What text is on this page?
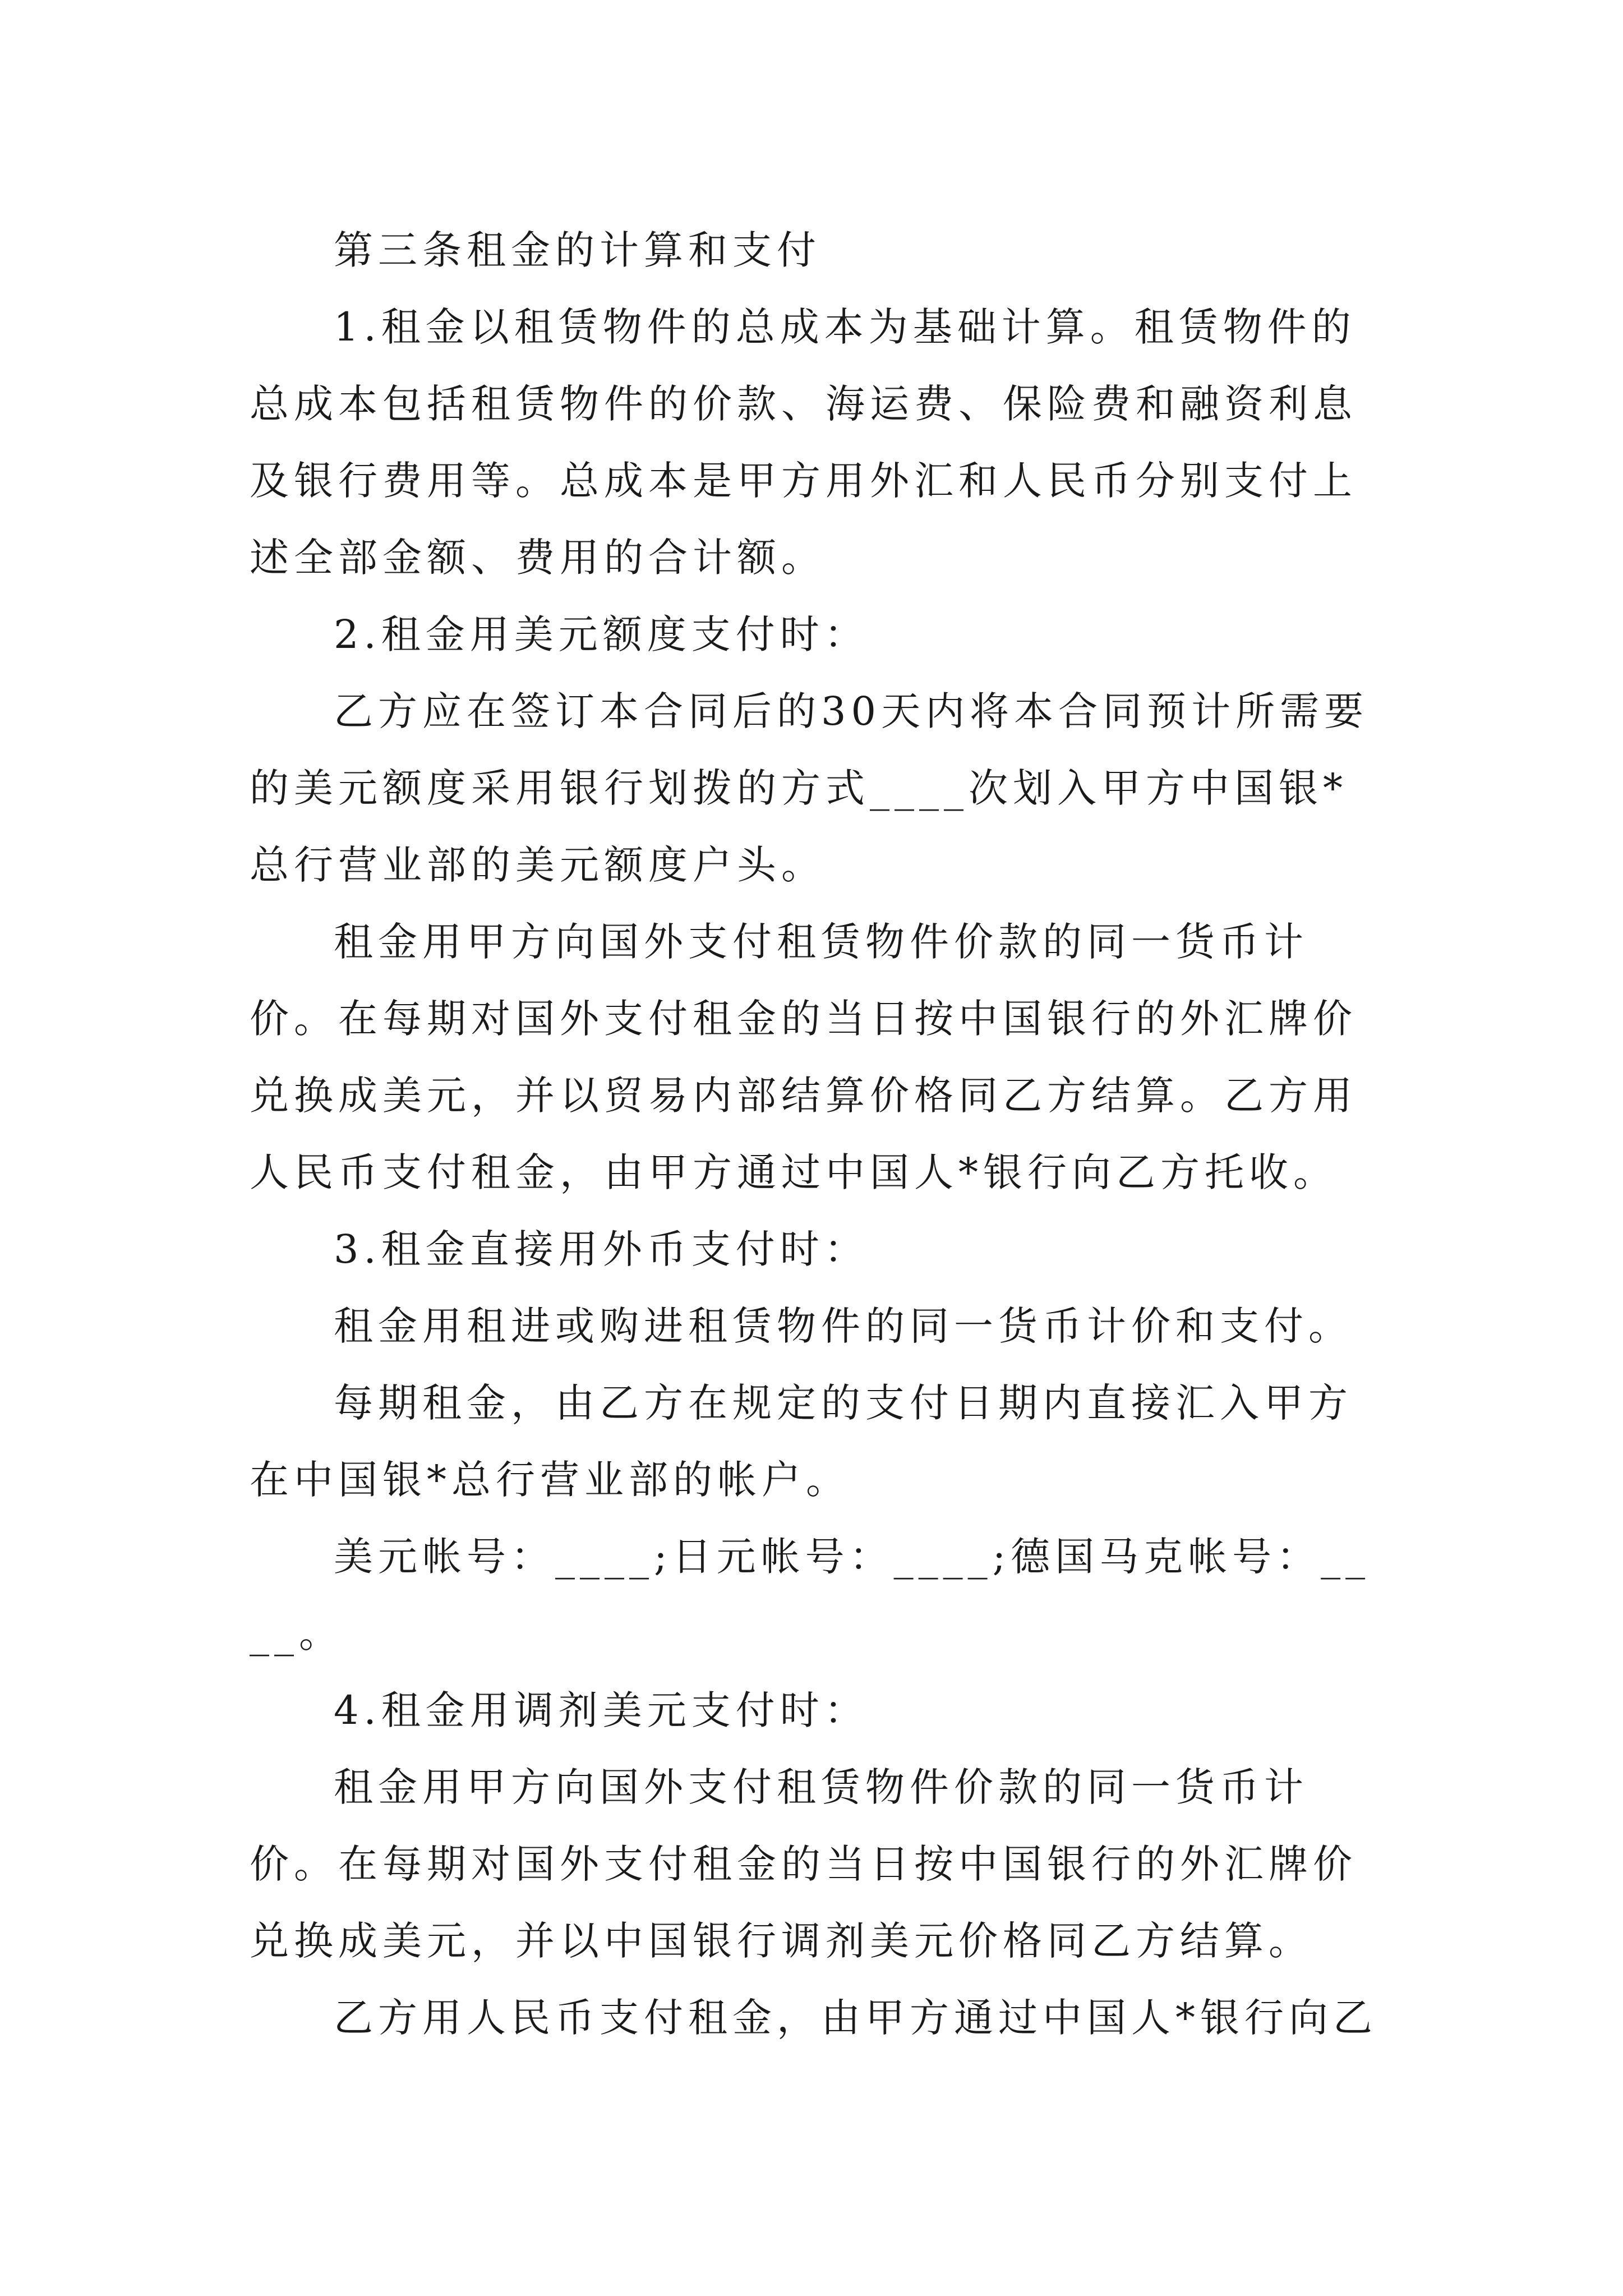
第三条租金的计算和支付

1.租金以租赁物件的总成本为基础计算。租赁物件的总成本包括租赁物件的价款、海运费、保险费和融资利息及银行费用等。总成本是甲方用外汇和人民币分别支付上述全部金额、费用的合计额。

2.租金用美元额度支付时：

乙方应在签订本合同后的30天内将本合同预计所需要的美元额度采用银行划拨的方式____次划入甲方中国银*总行营业部的美元额度户头。

租金用甲方向国外支付租赁物件价款的同一货币计价。在每期对国外支付租金的当日按中国银行的外汇牌价兑换成美元，并以贸易内部结算价格同乙方结算。乙方用人民币支付租金，由甲方通过中国人*银行向乙方托收。

3.租金直接用外币支付时：

租金用租进或购进租赁物件的同一货币计价和支付。

每期租金，由乙方在规定的支付日期内直接汇入甲方在中国银*总行营业部的帐户。

美元帐号：____;日元帐号：____;德国马克帐号：____。

4.租金用调剂美元支付时：

租金用甲方向国外支付租赁物件价款的同一货币计价。在每期对国外支付租金的当日按中国银行的外汇牌价兑换成美元，并以中国银行调剂美元价格同乙方结算。

乙方用人民币支付租金，由甲方通过中国人*银行向乙
